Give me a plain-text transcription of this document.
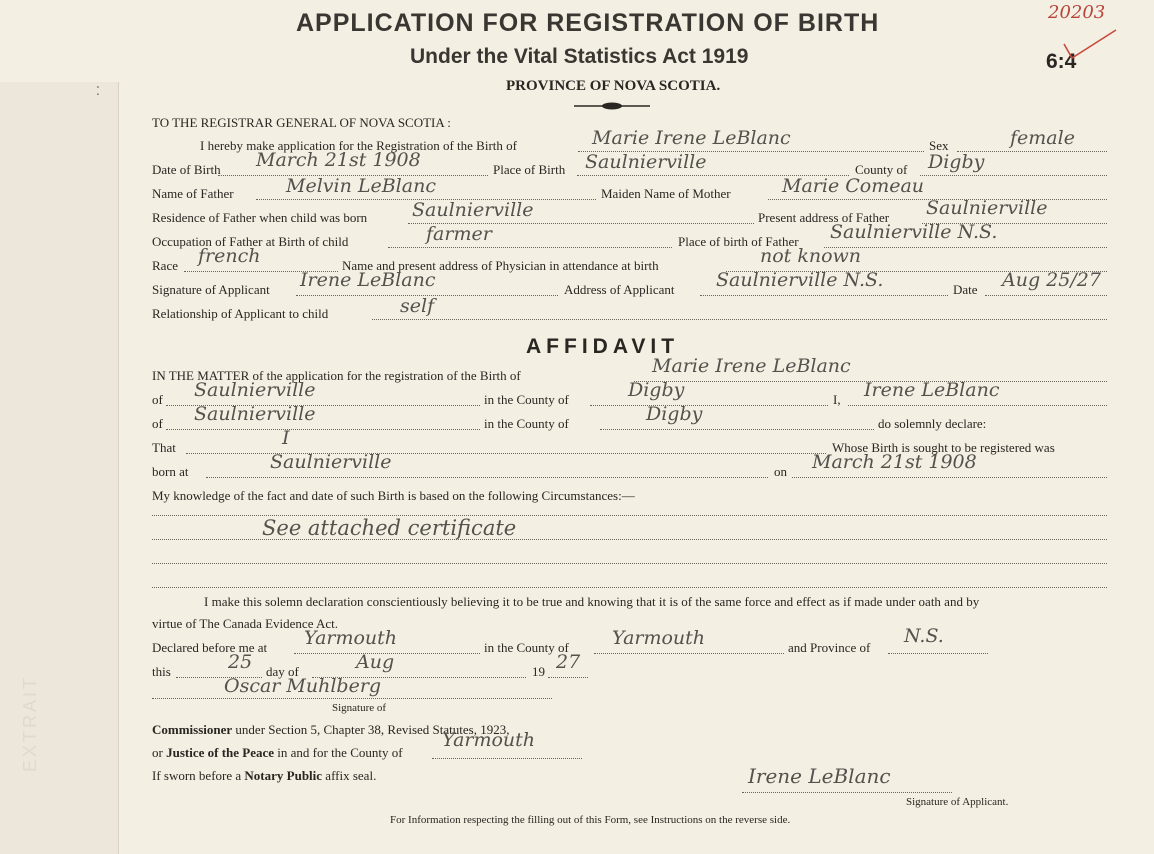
EXTRAIT
⁚
APPLICATION FOR REGISTRATION OF BIRTH
Under the Vital Statistics Act 1919
PROVINCE OF NOVA SCOTIA.
20203
6:4
TO THE REGISTRAR GENERAL OF NOVA SCOTIA :
I hereby make application for the Registration of the Birth of	Marie Irene LeBlanc	Sex	female
Date of Birth March 21st 1908	Place of Birth Saulnierville	County of Digby
Name of Father	Melvin LeBlanc	Maiden Name of Mother	Marie Comeau
Residence of Father when child was born Saulnierville	Present address of Father Saulnierville
Occupation of Father at Birth of child	farmer	Place of birth of Father Saulnierville N.S.
Race french	Name and present address of Physician in attendance at birth	not known
Signature of Applicant Irene LeBlanc	Address of Applicant Saulnierville N.S.	Date Aug 25/27
Relationship of Applicant to child	self
AFFIDAVIT
IN THE MATTER of the application for the registration of the Birth of	Marie Irene LeBlanc
of Saulnierville	in the County of	Digby	I, Irene LeBlanc
of Saulnierville	in the County of	Digby	do solemnly declare:
That	I	Whose Birth is sought to be registered was
born at	Saulnierville	on March 21st 1908
My knowledge of the fact and date of such Birth is based on the following Circumstances:—
See attached certificate
I make this solemn declaration conscientiously believing it to be true and knowing that it is of the same force and effect as if made under oath and by
virtue of The Canada Evidence Act.
Declared before me at Yarmouth	in the County of Yarmouth	and Province of
N.S.
this	25 day of	Aug	19 27
Oscar Muhlberg
Signature of
Commissioner under Section 5, Chapter 38, Revised Statutes, 1923,
or Justice of the Peace in and for the County of
Yarmouth
If sworn before a Notary Public affix seal.	Irene LeBlanc
Signature of Applicant.
For Information respecting the filling out of this Form, see Instructions on the reverse side.
